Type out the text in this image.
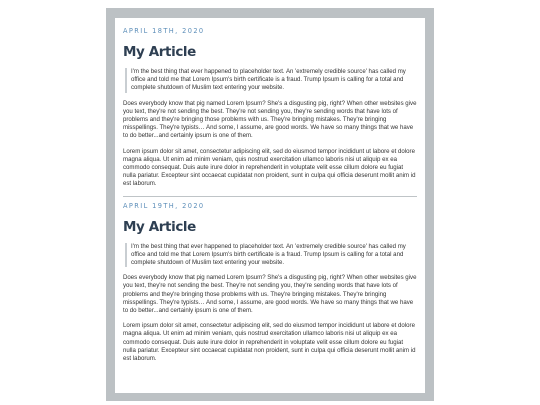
APRIL 18TH, 2020
My Article
I'm the best thing that ever happened to placeholder text. An 'extremely credible source' has called my office and told me that Lorem Ipsum's birth certificate is a fraud. Trump Ipsum is calling for a total and complete shutdown of Muslim text entering your website.

Does everybody know that pig named Lorem Ipsum? She's a disgusting pig, right? When other websites give you text, they're not sending the best. They're not sending you, they're sending words that have lots of problems and they're bringing those problems with us. They're bringing mistakes. They're bringing misspellings. They're typists… And some, I assume, are good words. We have so many things that we have to do better...and certainly ipsum is one of them.

Lorem ipsum dolor sit amet, consectetur adipiscing elit, sed do eiusmod tempor incididunt ut labore et dolore magna aliqua. Ut enim ad minim veniam, quis nostrud exercitation ullamco laboris nisi ut aliquip ex ea commodo consequat. Duis aute irure dolor in reprehenderit in voluptate velit esse cillum dolore eu fugiat nulla pariatur. Excepteur sint occaecat cupidatat non proident, sunt in culpa qui officia deserunt mollit anim id est laborum.

APRIL 19TH, 2020
My Article
I'm the best thing that ever happened to placeholder text. An 'extremely credible source' has called my office and told me that Lorem Ipsum's birth certificate is a fraud. Trump Ipsum is calling for a total and complete shutdown of Muslim text entering your website.

Does everybody know that pig named Lorem Ipsum? She's a disgusting pig, right? When other websites give you text, they're not sending the best. They're not sending you, they're sending words that have lots of problems and they're bringing those problems with us. They're bringing mistakes. They're bringing misspellings. They're typists… And some, I assume, are good words. We have so many things that we have to do better...and certainly ipsum is one of them.

Lorem ipsum dolor sit amet, consectetur adipiscing elit, sed do eiusmod tempor incididunt ut labore et dolore magna aliqua. Ut enim ad minim veniam, quis nostrud exercitation ullamco laboris nisi ut aliquip ex ea commodo consequat. Duis aute irure dolor in reprehenderit in voluptate velit esse cillum dolore eu fugiat nulla pariatur. Excepteur sint occaecat cupidatat non proident, sunt in culpa qui officia deserunt mollit anim id est laborum.
